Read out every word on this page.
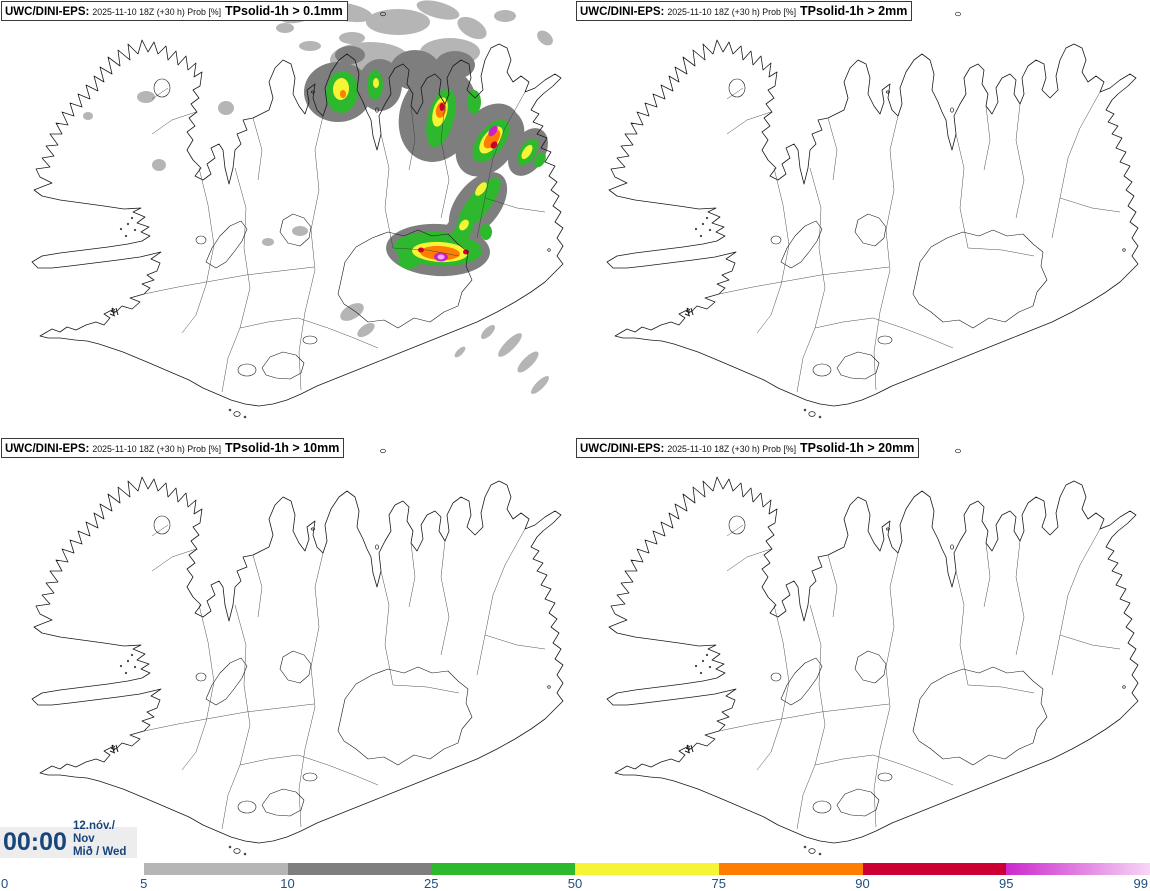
UWC/DINI-EPS : 2025-11-10 18Z (+30 h) Prob [%] TPsolid-1h > 0.1mm	UWC/DINI-EPS : 2025-11-10 18Z (+30 h) Prob [%] TPsolid-1h > 2mm
UWC/DINI-EPS : 2025-11-10 18Z (+30 h) Prob [%] TPsolid-1h > 10mm	UWC/DINI-EPS : 2025-11-10 18Z (+30 h) Prob [%] TPsolid-1h > 20mm
00:00
12.nóv./
Nov
Mið / Wed
0	5	10	25	50	75	90	95	99
